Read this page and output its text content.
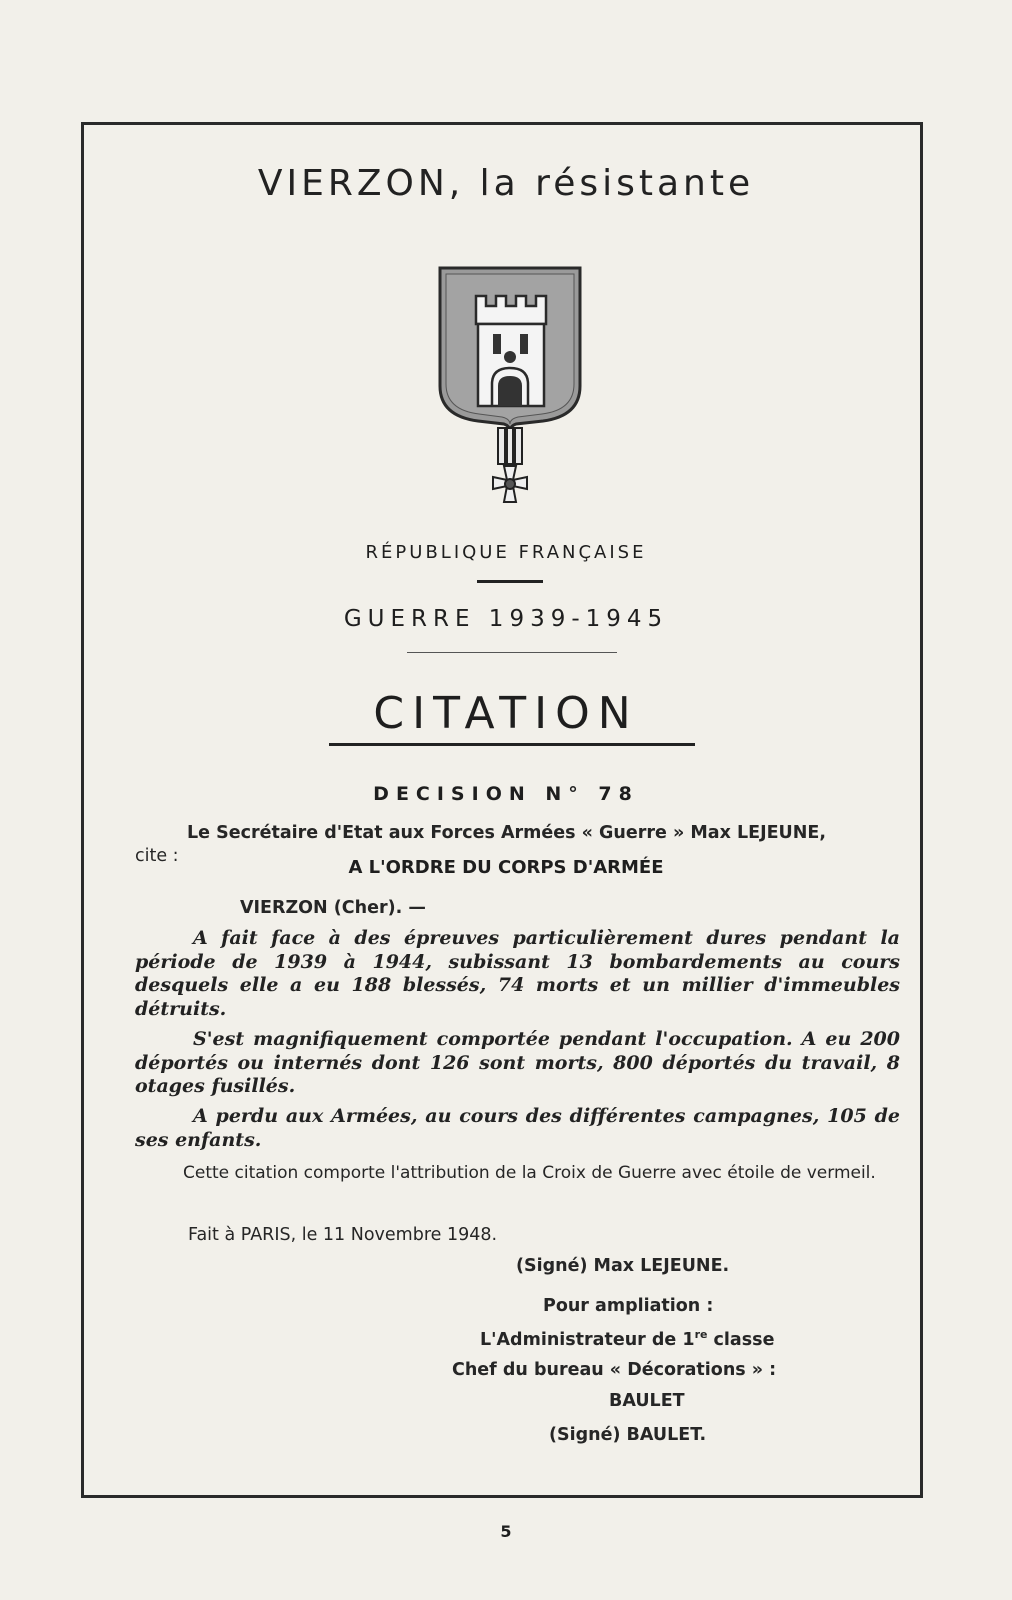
VIERZON, la résistante
RÉPUBLIQUE FRANÇAISE
GUERRE 1939-1945
CITATION
DECISION N° 78
Le Secrétaire d'Etat aux Forces Armées « Guerre » Max LEJEUNE,
cite :
A L'ORDRE DU CORPS D'ARMÉE
VIERZON (Cher). —
A fait face à des épreuves particulièrement dures pendant la période de 1939 à 1944, subissant 13 bombardements au cours desquels elle a eu 188 blessés, 74 morts et un millier d'immeubles détruits.
S'est magnifiquement comportée pendant l'occupation. A eu 200 déportés ou internés dont 126 sont morts, 800 déportés du travail, 8 otages fusillés.
A perdu aux Armées, au cours des différentes campagnes, 105 de ses enfants.
Cette citation comporte l'attribution de la Croix de Guerre avec étoile de vermeil.
Fait à PARIS, le 11 Novembre 1948.
(Signé) Max LEJEUNE.
Pour ampliation :
L'Administrateur de 1re classe
Chef du bureau « Décorations » :
BAULET
(Signé) BAULET.
5
